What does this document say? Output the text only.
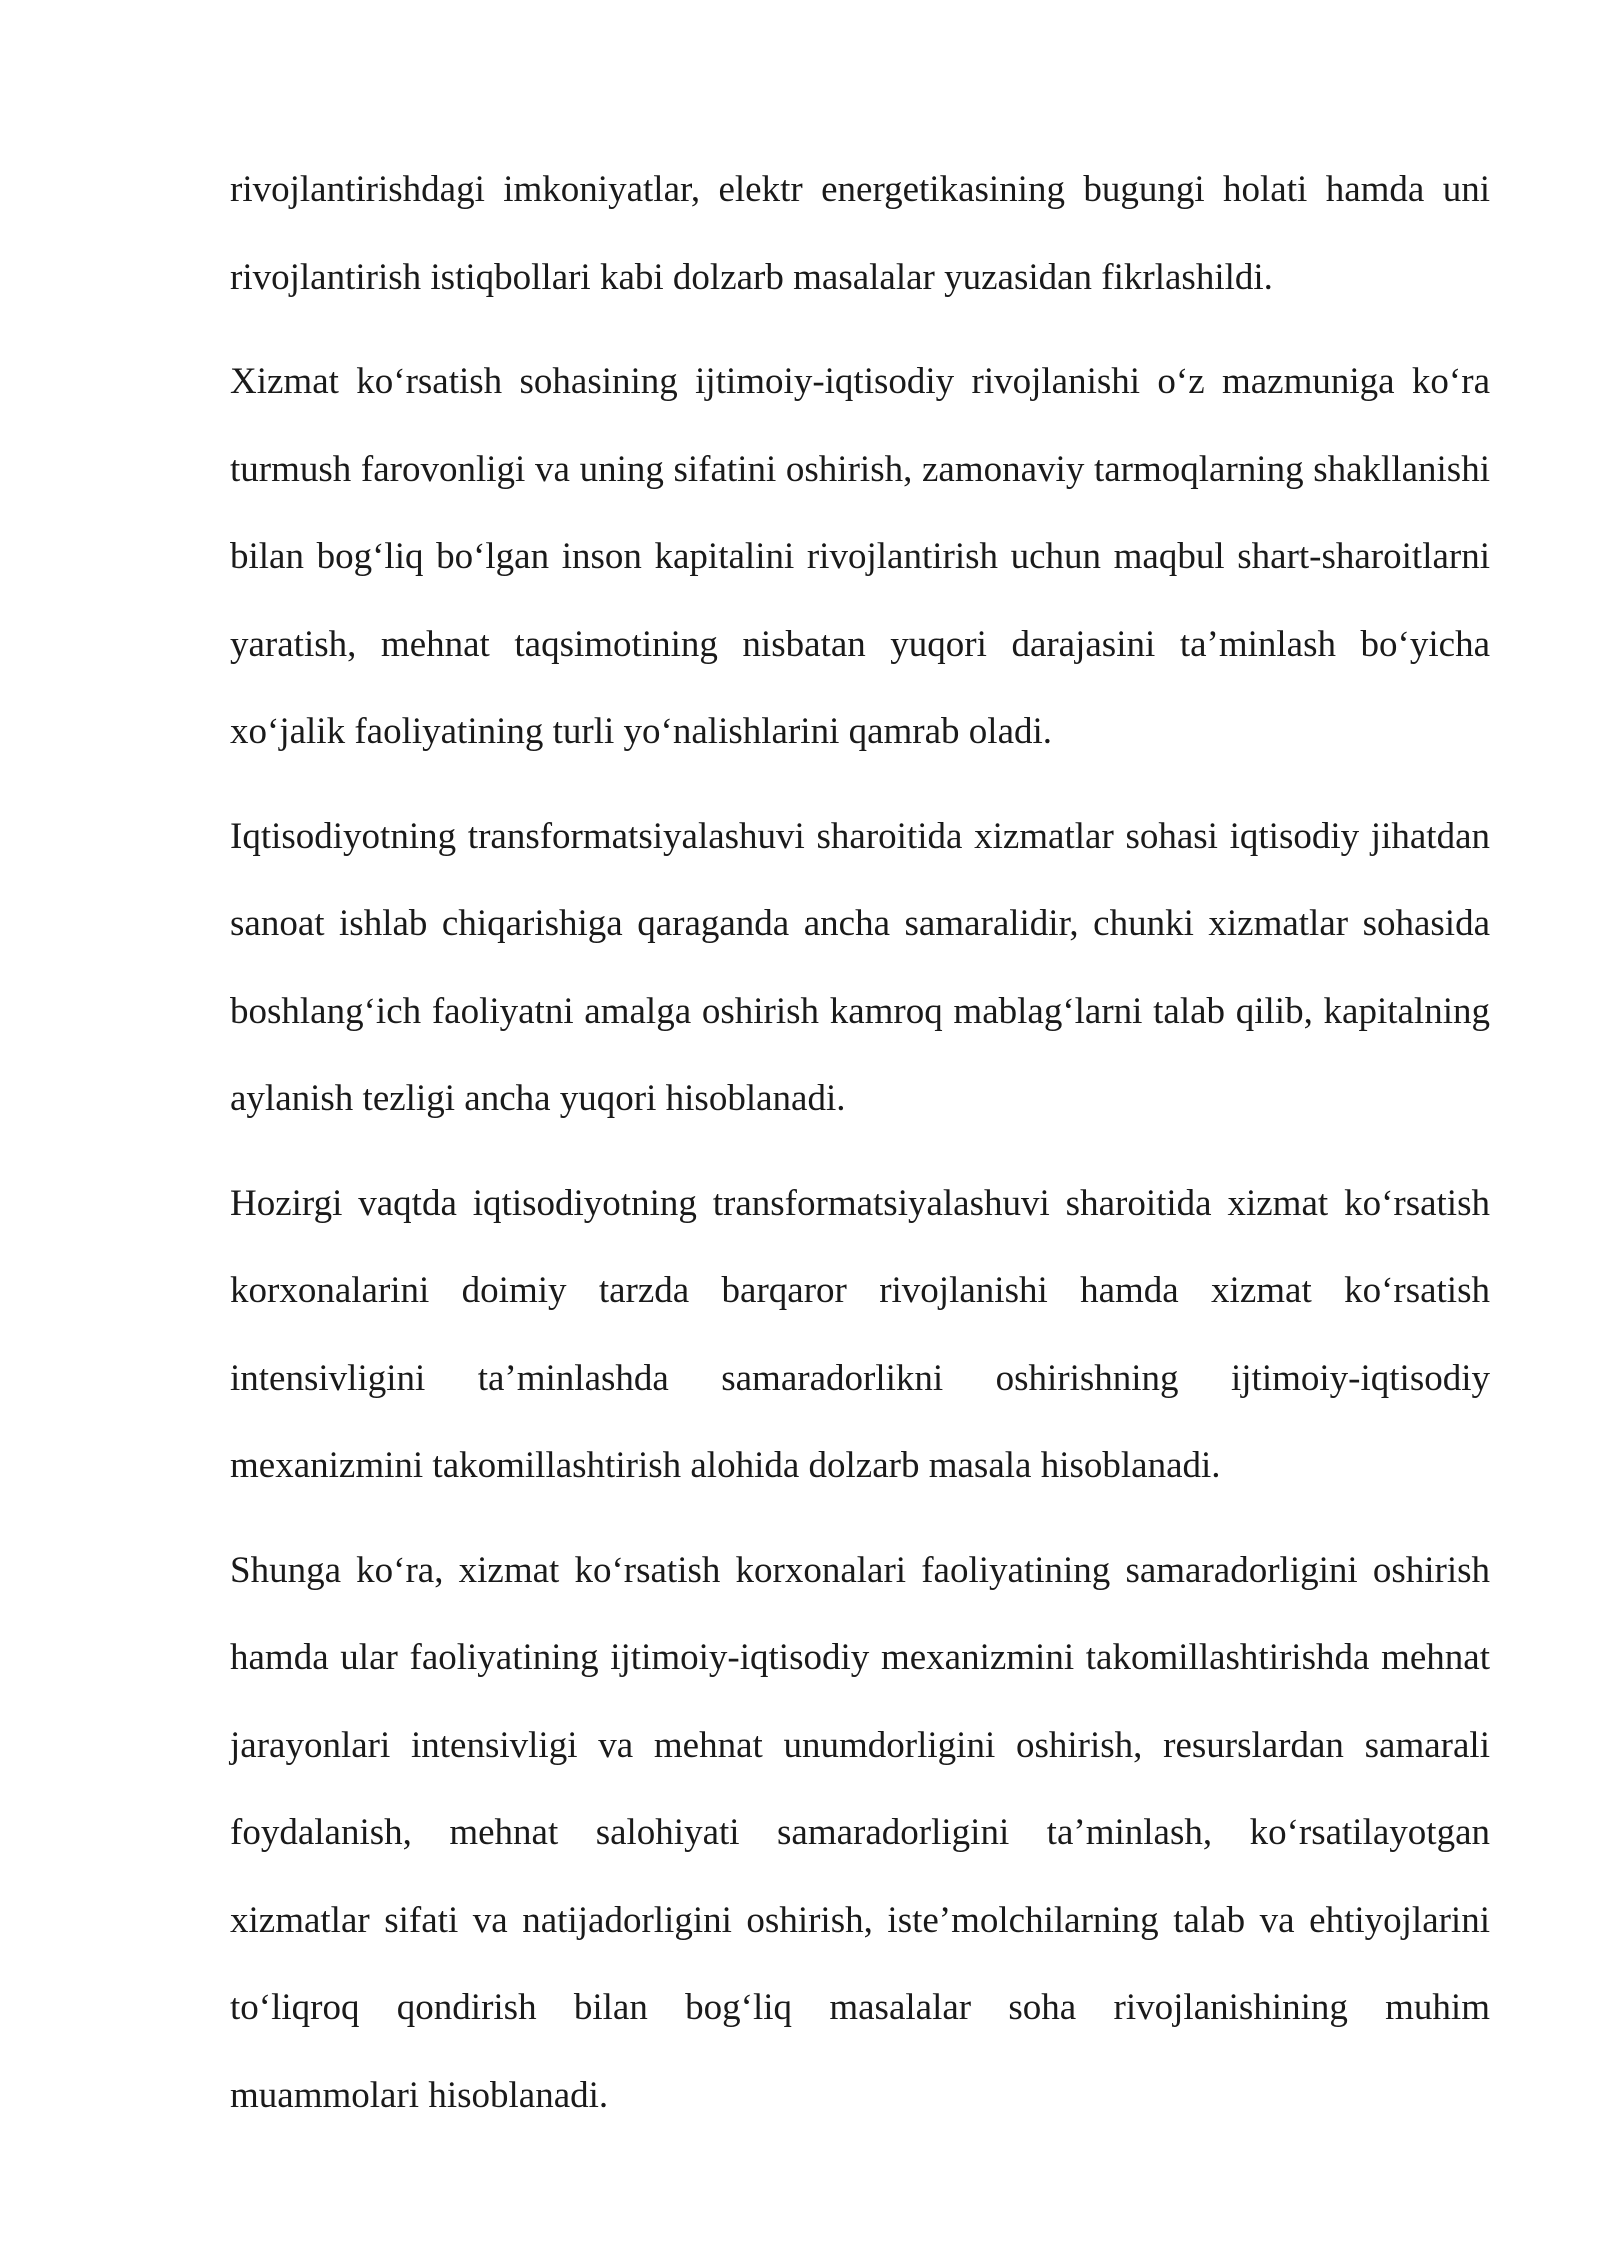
rivojlantirishdagi imkoniyatlar, elektr energetikasining bugungi holati hamda uni rivojlantirish istiqbollari kabi dolzarb masalalar yuzasidan fikrlashildi.

Xizmat ko‘rsatish sohasining ijtimoiy-iqtisodiy rivojlanishi o‘z mazmuniga ko‘ra turmush farovonligi va uning sifatini oshirish, zamonaviy tarmoqlarning shakllanishi bilan bog‘liq bo‘lgan inson kapitalini rivojlantirish uchun maqbul shart-sharoitlarni yaratish, mehnat taqsimotining nisbatan yuqori darajasini ta’minlash bo‘yicha xo‘jalik faoliyatining turli yo‘nalishlarini qamrab oladi.

Iqtisodiyotning transformatsiyalashuvi sharoitida xizmatlar sohasi iqtisodiy jihatdan sanoat ishlab chiqarishiga qaraganda ancha samaralidir, chunki xizmatlar sohasida boshlang‘ich faoliyatni amalga oshirish kamroq mablag‘larni talab qilib, kapitalning aylanish tezligi ancha yuqori hisoblanadi.

Hozirgi vaqtda iqtisodiyotning transformatsiyalashuvi sharoitida xizmat ko‘rsatish korxonalarini doimiy tarzda barqaror rivojlanishi hamda xizmat ko‘rsatish intensivligini ta’minlashda samaradorlikni oshirishning ijtimoiy-iqtisodiy mexanizmini takomillashtirish alohida dolzarb masala hisoblanadi.

Shunga ko‘ra, xizmat ko‘rsatish korxonalari faoliyatining samaradorligini oshirish hamda ular faoliyatining ijtimoiy-iqtisodiy mexanizmini takomillashtirishda mehnat jarayonlari intensivligi va mehnat unumdorligini oshirish, resurslardan samarali foydalanish, mehnat salohiyati samaradorligini ta’minlash, ko‘rsatilayotgan xizmatlar sifati va natijadorligini oshirish, iste’molchilarning talab va ehtiyojlarini to‘liqroq qondirish bilan bog‘liq masalalar soha rivojlanishining muhim muammolari hisoblanadi.
